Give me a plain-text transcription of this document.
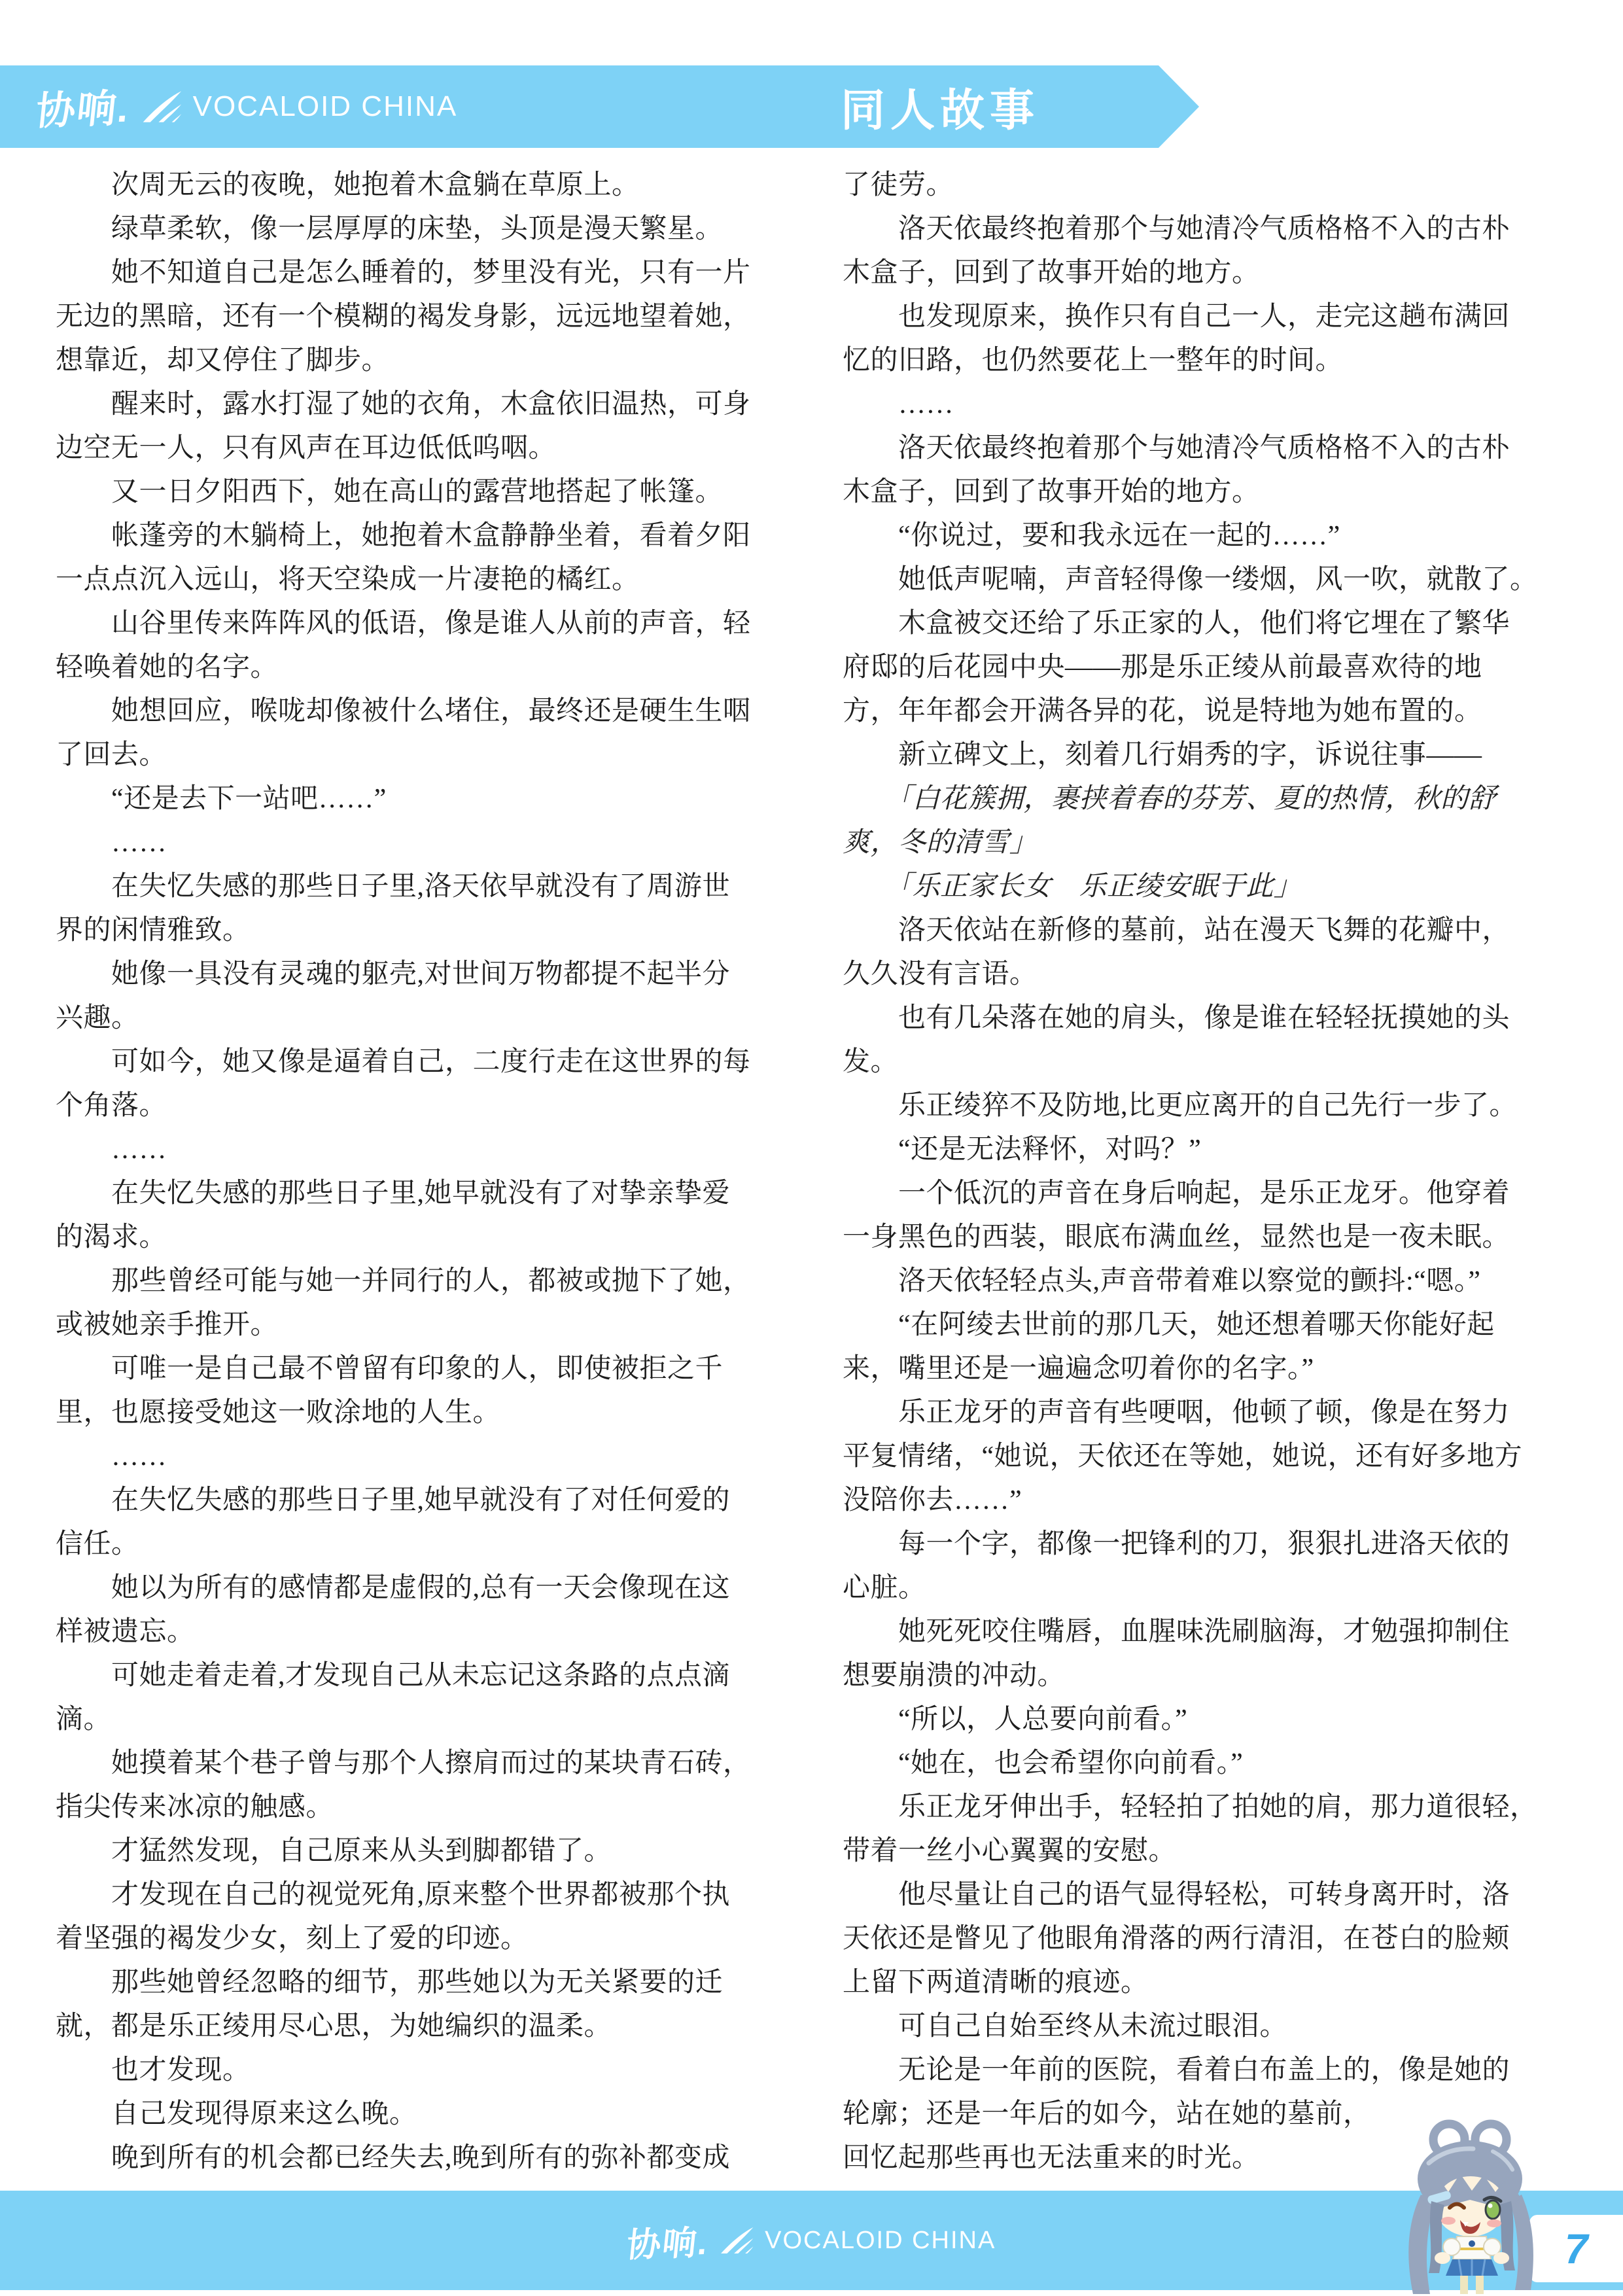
协响. VOCALOID CHINA	同人故事
　　次周无云的夜晚，她抱着木盒躺在草原上。
　　绿草柔软，像一层厚厚的床垫，头顶是漫天繁星。
　　她不知道自己是怎么睡着的，梦里没有光，只有一片
无边的黑暗，还有一个模糊的褐发身影，远远地望着她，
想靠近，却又停住了脚步。
　　醒来时，露水打湿了她的衣角，木盒依旧温热，可身
边空无一人，只有风声在耳边低低呜咽。
　　又一日夕阳西下，她在高山的露营地搭起了帐篷。
　　帐蓬旁的木躺椅上，她抱着木盒静静坐着，看着夕阳
一点点沉入远山，将天空染成一片凄艳的橘红。
　　山谷里传来阵阵风的低语，像是谁人从前的声音，轻
轻唤着她的名字。
　　她想回应，喉咙却像被什么堵住，最终还是硬生生咽
了回去。
　　“还是去下一站吧……”
　　……
　　在失忆失感的那些日子里,洛天依早就没有了周游世
界的闲情雅致。
　　她像一具没有灵魂的躯壳,对世间万物都提不起半分
兴趣。
　　可如今，她又像是逼着自己，二度行走在这世界的每
个角落。
　　……
　　在失忆失感的那些日子里,她早就没有了对挚亲挚爱
的渴求。
　　那些曾经可能与她一并同行的人，都被或抛下了她，
或被她亲手推开。
　　可唯一是自己最不曾留有印象的人，即使被拒之千
里，也愿接受她这一败涂地的人生。
　　……
　　在失忆失感的那些日子里,她早就没有了对任何爱的
信任。
　　她以为所有的感情都是虚假的,总有一天会像现在这
样被遗忘。
　　可她走着走着,才发现自己从未忘记这条路的点点滴
滴。
　　她摸着某个巷子曾与那个人擦肩而过的某块青石砖，
指尖传来冰凉的触感。
　　才猛然发现，自己原来从头到脚都错了。
　　才发现在自己的视觉死角,原来整个世界都被那个执
着坚强的褐发少女，刻上了爱的印迹。
　　那些她曾经忽略的细节，那些她以为无关紧要的迁
就，都是乐正绫用尽心思，为她编织的温柔。
　　也才发现。
　　自己发现得原来这么晚。
　　晚到所有的机会都已经失去,晚到所有的弥补都变成
了徒劳。
　　洛天依最终抱着那个与她清冷气质格格不入的古朴
木盒子，回到了故事开始的地方。
　　也发现原来，换作只有自己一人，走完这趟布满回
忆的旧路，也仍然要花上一整年的时间。
　　……
　　洛天依最终抱着那个与她清冷气质格格不入的古朴
木盒子，回到了故事开始的地方。
　　“你说过，要和我永远在一起的……”
　　她低声呢喃，声音轻得像一缕烟，风一吹，就散了。
　　木盒被交还给了乐正家的人，他们将它埋在了繁华
府邸的后花园中央——那是乐正绫从前最喜欢待的地
方，年年都会开满各异的花，说是特地为她布置的。
　　新立碑文上，刻着几行娟秀的字，诉说往事——
　　「白花簇拥，裹挟着春的芬芳、夏的热情，秋的舒
爽，冬的清雪」
　　「乐正家长女　乐正绫安眠于此」
　　洛天依站在新修的墓前，站在漫天飞舞的花瓣中，
久久没有言语。
　　也有几朵落在她的肩头，像是谁在轻轻抚摸她的头
发。
　　乐正绫猝不及防地,比更应离开的自己先行一步了。
　　“还是无法释怀，对吗？”
　　一个低沉的声音在身后响起，是乐正龙牙。他穿着
一身黑色的西装，眼底布满血丝，显然也是一夜未眠。
　　洛天依轻轻点头,声音带着难以察觉的颤抖:“嗯。”
　　“在阿绫去世前的那几天，她还想着哪天你能好起
来，嘴里还是一遍遍念叨着你的名字。”
　　乐正龙牙的声音有些哽咽，他顿了顿，像是在努力
平复情绪，“她说，天依还在等她，她说，还有好多地方
没陪你去……”
　　每一个字，都像一把锋利的刀，狠狠扎进洛天依的
心脏。
　　她死死咬住嘴唇，血腥味洗刷脑海，才勉强抑制住
想要崩溃的冲动。
　　“所以，人总要向前看。”
　　“她在，也会希望你向前看。”
　　乐正龙牙伸出手，轻轻拍了拍她的肩，那力道很轻，
带着一丝小心翼翼的安慰。
　　他尽量让自己的语气显得轻松，可转身离开时，洛
天依还是瞥见了他眼角滑落的两行清泪，在苍白的脸颊
上留下两道清晰的痕迹。
　　可自己自始至终从未流过眼泪。
　　无论是一年前的医院，看着白布盖上的，像是她的
轮廓；还是一年后的如今，站在她的墓前，
回忆起那些再也无法重来的时光。
协响. VOCALOID CHINA	7
